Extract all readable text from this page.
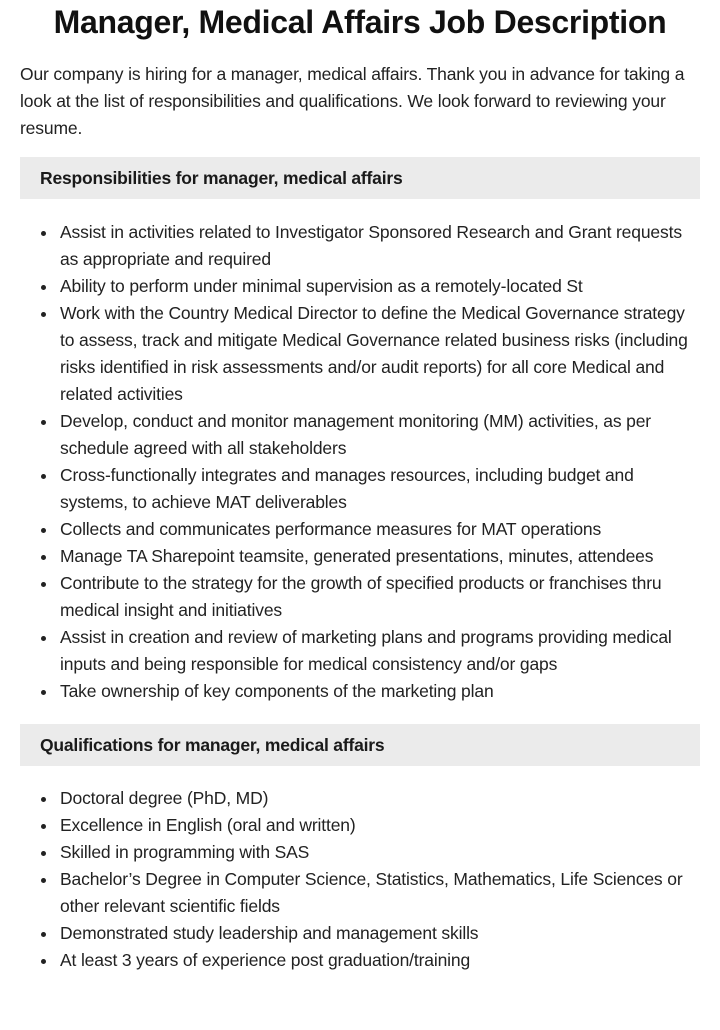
Manager, Medical Affairs Job Description

Our company is hiring for a manager, medical affairs. Thank you in advance for taking a look at the list of responsibilities and qualifications. We look forward to reviewing your resume.

Responsibilities for manager, medical affairs
Assist in activities related to Investigator Sponsored Research and Grant requests as appropriate and required
Ability to perform under minimal supervision as a remotely-located St
Work with the Country Medical Director to define the Medical Governance strategy to assess, track and mitigate Medical Governance related business risks (including risks identified in risk assessments and/or audit reports) for all core Medical and related activities
Develop, conduct and monitor management monitoring (MM) activities, as per schedule agreed with all stakeholders
Cross-functionally integrates and manages resources, including budget and systems, to achieve MAT deliverables
Collects and communicates performance measures for MAT operations
Manage TA Sharepoint teamsite, generated presentations, minutes, attendees
Contribute to the strategy for the growth of specified products or franchises thru medical insight and initiatives
Assist in creation and review of marketing plans and programs providing medical inputs and being responsible for medical consistency and/or gaps
Take ownership of key components of the marketing plan
Qualifications for manager, medical affairs
Doctoral degree (PhD, MD)
Excellence in English (oral and written)
Skilled in programming with SAS
Bachelor’s Degree in Computer Science, Statistics, Mathematics, Life Sciences or other relevant scientific fields
Demonstrated study leadership and management skills
At least 3 years of experience post graduation/training
